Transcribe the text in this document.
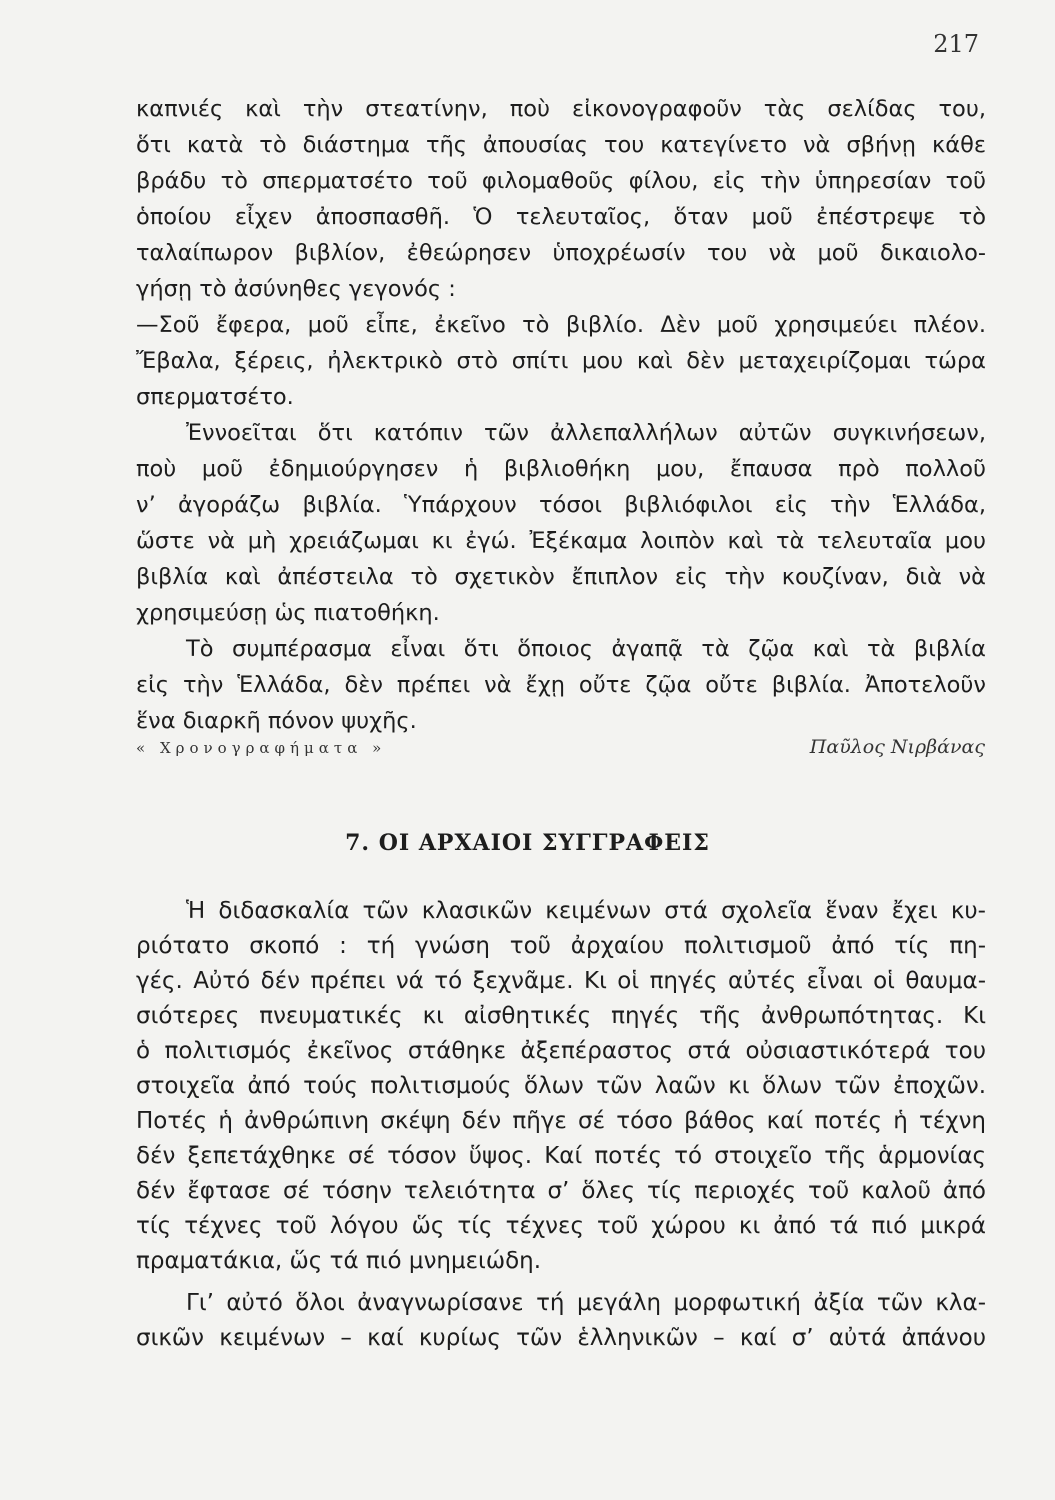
217
καπνιές καὶ τὴν στεατίνην, ποὺ εἰκονογραφοῦν τὰς σελίδας του,
ὅτι κατὰ τὸ διάστημα τῆς ἀπουσίας του κατεγίνετο νὰ σβήνῃ κάθε
βράδυ τὸ σπερματσέτο τοῦ φιλομαθοῦς φίλου, εἰς τὴν ὑπηρεσίαν τοῦ
ὁποίου εἶχεν ἀποσπασθῆ. Ὁ τελευταῖος, ὅταν μοῦ ἐπέστρεψε τὸ
ταλαίπωρον βιβλίον, ἐθεώρησεν ὑποχρέωσίν του νὰ μοῦ δικαιολο-
γήσῃ τὸ ἀσύνηθες γεγονός :
—Σοῦ ἔφερα, μοῦ εἶπε, ἐκεῖνο τὸ βιβλίο. Δὲν μοῦ χρησιμεύει πλέον.
Ἔβαλα, ξέρεις, ἠλεκτρικὸ στὸ σπίτι μου καὶ δὲν μεταχειρίζομαι τώρα
σπερματσέτο.
Ἐννοεῖται ὅτι κατόπιν τῶν ἀλλεπαλλήλων αὐτῶν συγκινήσεων,
ποὺ μοῦ ἐδημιούργησεν ἡ βιβλιοθήκη μου, ἔπαυσα πρὸ πολλοῦ
ν’ ἀγοράζω βιβλία. Ὑπάρχουν τόσοι βιβλιόφιλοι εἰς τὴν Ἑλλάδα,
ὥστε νὰ μὴ χρειάζωμαι κι ἐγώ. Ἐξέκαμα λοιπὸν καὶ τὰ τελευταῖα μου
βιβλία καὶ ἀπέστειλα τὸ σχετικὸν ἔπιπλον εἰς τὴν κουζίναν, διὰ νὰ
χρησιμεύσῃ ὡς πιατοθήκη.
Τὸ συμπέρασμα εἶναι ὅτι ὅποιος ἀγαπᾷ τὰ ζῷα καὶ τὰ βιβλία
εἰς τὴν Ἑλλάδα, δὲν πρέπει νὰ ἔχῃ οὔτε ζῷα οὔτε βιβλία. Ἀποτελοῦν
ἕνα διαρκῆ πόνον ψυχῆς.
« Χρονογραφήματα »	Παῦλος Νιρβάνας
7. ΟΙ ΑΡΧΑΙΟΙ ΣΥΓΓΡΑΦΕΙΣ
Ἡ διδασκαλία τῶν κλασικῶν κειμένων στά σχολεῖα ἕναν ἔχει κυ-
ριότατο σκοπό : τή γνώση τοῦ ἀρχαίου πολιτισμοῦ ἀπό τίς πη-
γές. Αὐτό δέν πρέπει νά τό ξεχνᾶμε. Κι οἱ πηγές αὐτές εἶναι οἱ θαυμα-
σιότερες πνευματικές κι αἰσθητικές πηγές τῆς ἀνθρωπότητας. Κι
ὁ πολιτισμός ἐκεῖνος στάθηκε ἀξεπέραστος στά οὐσιαστικότερά του
στοιχεῖα ἀπό τούς πολιτισμούς ὅλων τῶν λαῶν κι ὅλων τῶν ἐποχῶν.
Ποτές ἡ ἀνθρώπινη σκέψη δέν πῆγε σέ τόσο βάθος καί ποτές ἡ τέχνη
δέν ξεπετάχθηκε σέ τόσον ὕψος. Καί ποτές τό στοιχεῖο τῆς ἁρμονίας
δέν ἔφτασε σέ τόσην τελειότητα σ’ ὅλες τίς περιοχές τοῦ καλοῦ ἀπό
τίς τέχνες τοῦ λόγου ὥς τίς τέχνες τοῦ χώρου κι ἀπό τά πιό μικρά
πραματάκια, ὥς τά πιό μνημειώδη.
Γι’ αὐτό ὅλοι ἀναγνωρίσανε τή μεγάλη μορφωτική ἀξία τῶν κλα-
σικῶν κειμένων – καί κυρίως τῶν ἑλληνικῶν – καί σ’ αὐτά ἀπάνου
